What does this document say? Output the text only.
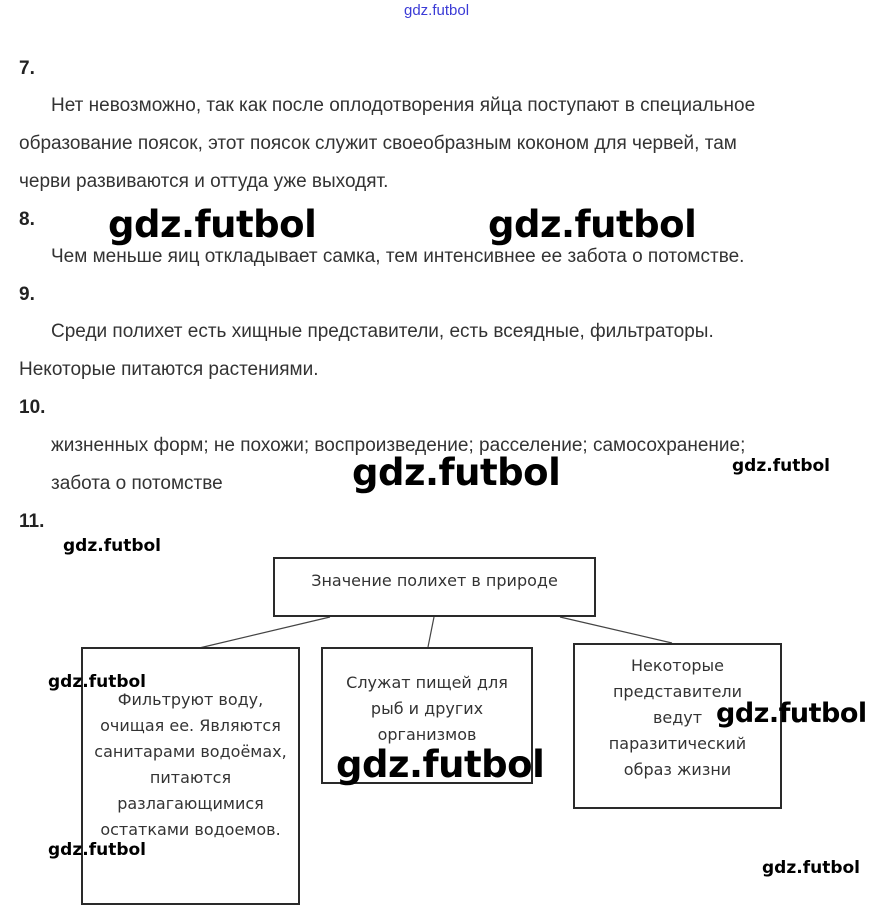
gdz.futbol
7.
Нет невозможно, так как после оплодотворения яйца поступают в специальное
образование поясок, этот поясок служит своеобразным коконом для червей, там
черви развиваются и оттуда уже выходят.
8.
Чем меньше яиц откладывает самка, тем интенсивнее ее забота о потомстве.
9.
Среди полихет есть хищные представители, есть всеядные, фильтраторы.
Некоторые питаются растениями.
10.
жизненных форм; не похожи; воспроизведение; расселение; самосохранение;
забота о потомстве
11.
Значение полихет в природе
Фильтруют воду, очищая ее. Являются санитарами водоёмах, питаются разлагающимися остатками водоемов.
Служат пищей для рыб и других организмов
Некоторые представители ведут паразитический образ жизни
gdz.futbol	gdz.futbol
gdz.futbol	gdz.futbol
gdz.futbol
gdz.futbol
gdz.futbol
gdz.futbol
gdz.futbol
gdz.futbol
